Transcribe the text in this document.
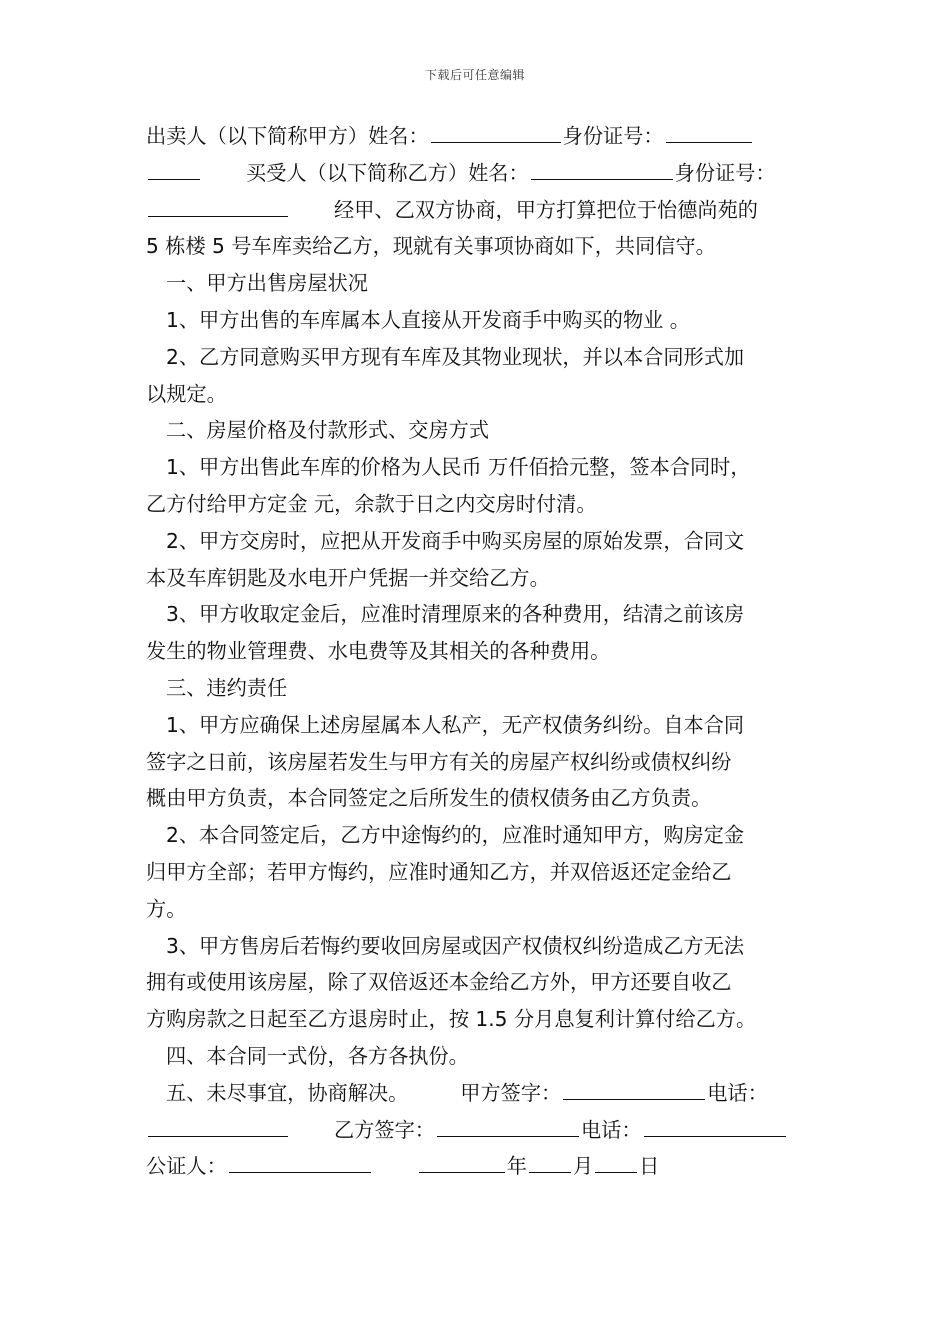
下载后可任意编辑
出卖人（以下简称甲方）姓名：	身份证号：
买受人（以下简称乙方）姓名：	身份证号：
经甲、乙双方协商，甲方打算把位于怡德尚苑的
5 栋楼 5 号车库卖给乙方，现就有关事项协商如下，共同信守。
一、甲方出售房屋状况
1、甲方出售的车库属本人直接从开发商手中购买的物业 。
2、乙方同意购买甲方现有车库及其物业现状，并以本合同形式加
以规定。
二、房屋价格及付款形式、交房方式
1、甲方出售此车库的价格为人民币 万仟佰拾元整，签本合同时，
乙方付给甲方定金 元，余款于日之内交房时付清。
2、甲方交房时，应把从开发商手中购买房屋的原始发票，合同文
本及车库钥匙及水电开户凭据一并交给乙方。
3、甲方收取定金后，应准时清理原来的各种费用，结清之前该房
发生的物业管理费、水电费等及其相关的各种费用。
三、违约责任
1、甲方应确保上述房屋属本人私产，无产权债务纠纷。自本合同
签字之日前，该房屋若发生与甲方有关的房屋产权纠纷或债权纠纷
概由甲方负责，本合同签定之后所发生的债权债务由乙方负责。
2、本合同签定后，乙方中途悔约的，应准时通知甲方，购房定金
归甲方全部；若甲方悔约，应准时通知乙方，并双倍返还定金给乙
方。
3、甲方售房后若悔约要收回房屋或因产权债权纠纷造成乙方无法
拥有或使用该房屋，除了双倍返还本金给乙方外，甲方还要自收乙
方购房款之日起至乙方退房时止，按 1.5 分月息复利计算付给乙方。
四、本合同一式份，各方各执份。
五、未尽事宜，协商解决。	甲方签字：	电话：
乙方签字：	电话：
公证人：	年 月 日
